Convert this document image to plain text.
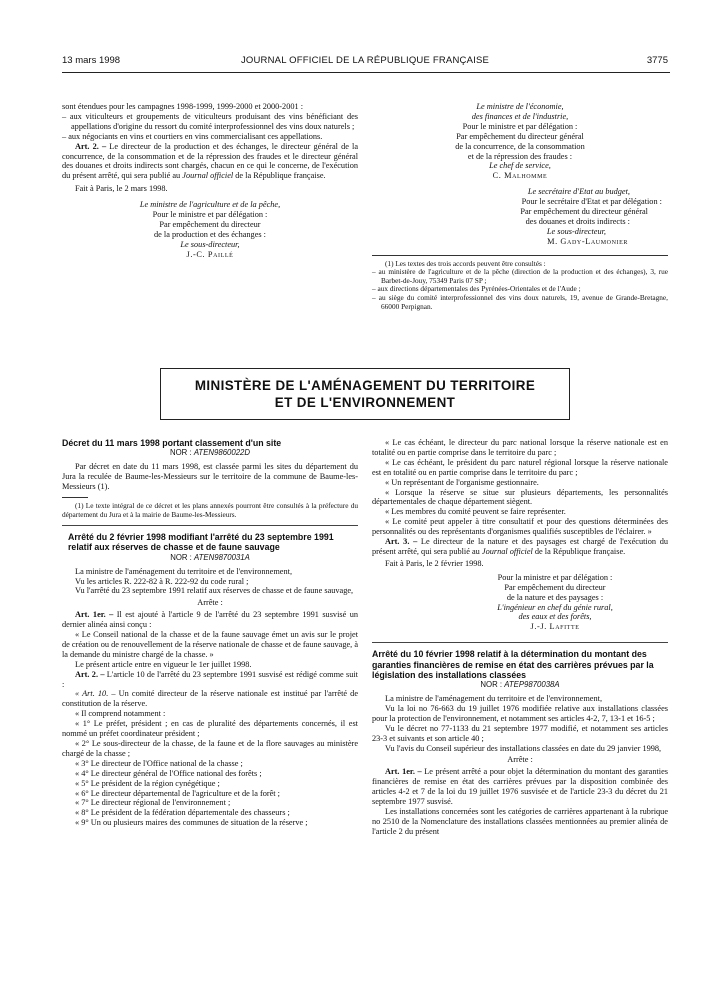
13 mars 1998	JOURNAL OFFICIEL DE LA RÉPUBLIQUE FRANÇAISE	3775

sont étendues pour les campagnes 1998-1999, 1999-2000 et 2000-2001 :

– aux viticulteurs et groupements de viticulteurs produisant des vins bénéficiant des appellations d'origine du ressort du comité interprofessionnel des vins doux naturels ;

– aux négociants en vins et courtiers en vins commercialisant ces appellations.

Art. 2. – Le directeur de la production et des échanges, le directeur général de la concurrence, de la consommation et de la répression des fraudes et le directeur général des douanes et droits indirects sont chargés, chacun en ce qui le concerne, de l'exécution du présent arrêté, qui sera publié au Journal officiel de la République française.

Fait à Paris, le 2 mars 1998.

Le ministre de l'agriculture et de la pêche,

Pour le ministre et par délégation :

Par empêchement du directeur

de la production et des échanges :

Le sous-directeur,

J.-C. Paillé

Le ministre de l'économie,

des finances et de l'industrie,

Pour le ministre et par délégation :

Par empêchement du directeur général

de la concurrence, de la consommation

et de la répression des fraudes :

Le chef de service,

C. Malhomme

Le secrétaire d'Etat au budget,

Pour le secrétaire d'Etat et par délégation :

Par empêchement du directeur général

des douanes et droits indirects :

Le sous-directeur,

M. Gady-Laumonier

(1) Les textes des trois accords peuvent être consultés :

– au ministère de l'agriculture et de la pêche (direction de la production et des échanges), 3, rue Barbet-de-Jouy, 75349 Paris 07 SP ;

– aux directions départementales des Pyrénées-Orientales et de l'Aude ;

– au siège du comité interprofessionnel des vins doux naturels, 19, avenue de Grande-Bretagne, 66000 Perpignan.

MINISTÈRE DE L'AMÉNAGEMENT DU TERRITOIRE
ET DE L'ENVIRONNEMENT

Décret du 11 mars 1998 portant classement d'un site

NOR : ATEN9860022D

Par décret en date du 11 mars 1998, est classée parmi les sites du département du Jura la reculée de Baume-les-Messieurs sur le territoire de la commune de Baume-les-Messieurs (1).

(1) Le texte intégral de ce décret et les plans annexés pourront être consultés à la préfecture du département du Jura et à la mairie de Baume-les-Messieurs.

Arrêté du 2 février 1998 modifiant l'arrêté du 23 septembre 1991 relatif aux réserves de chasse et de faune sauvage

NOR : ATEN9870031A

La ministre de l'aménagement du territoire et de l'environnement,

Vu les articles R. 222-82 à R. 222-92 du code rural ;

Vu l'arrêté du 23 septembre 1991 relatif aux réserves de chasse et de faune sauvage,

Arrête :

Art. 1er. – Il est ajouté à l'article 9 de l'arrêté du 23 septembre 1991 susvisé un dernier alinéa ainsi conçu :

« Le Conseil national de la chasse et de la faune sauvage émet un avis sur le projet de création ou de renouvellement de la réserve nationale de chasse et de faune sauvage, à la demande du ministre chargé de la chasse. »

Le présent article entre en vigueur le 1er juillet 1998.

Art. 2. – L'article 10 de l'arrêté du 23 septembre 1991 susvisé est rédigé comme suit :

« Art. 10. – Un comité directeur de la réserve nationale est institué par l'arrêté de constitution de la réserve.

« Il comprend notamment :

« 1° Le préfet, président ; en cas de pluralité des départements concernés, il est nommé un préfet coordinateur président ;

« 2° Le sous-directeur de la chasse, de la faune et de la flore sauvages au ministère chargé de la chasse ;

« 3° Le directeur de l'Office national de la chasse ;

« 4° Le directeur général de l'Office national des forêts ;

« 5° Le président de la région cynégétique ;

« 6° Le directeur départemental de l'agriculture et de la forêt ;

« 7° Le directeur régional de l'environnement ;

« 8° Le président de la fédération départementale des chasseurs ;

« 9° Un ou plusieurs maires des communes de situation de la réserve ;

« Le cas échéant, le directeur du parc national lorsque la réserve nationale est en totalité ou en partie comprise dans le territoire du parc ;

« Le cas échéant, le président du parc naturel régional lorsque la réserve nationale est en totalité ou en partie comprise dans le territoire du parc ;

« Un représentant de l'organisme gestionnaire.

« Lorsque la réserve se situe sur plusieurs départements, les personnalités départementales de chaque département siègent.

« Les membres du comité peuvent se faire représenter.

« Le comité peut appeler à titre consultatif et pour des questions déterminées des personnalités ou des représentants d'organismes qualifiés susceptibles de l'éclairer. »

Art. 3. – Le directeur de la nature et des paysages est chargé de l'exécution du présent arrêté, qui sera publié au Journal officiel de la République française.

Fait à Paris, le 2 février 1998.

Pour la ministre et par délégation :

Par empêchement du directeur

de la nature et des paysages :

L'ingénieur en chef du génie rural,

des eaux et des forêts,

J.-J. Lafitte

Arrêté du 10 février 1998 relatif à la détermination du montant des garanties financières de remise en état des carrières prévues par la législation des installations classées

NOR : ATEP9870038A

La ministre de l'aménagement du territoire et de l'environnement,

Vu la loi no 76-663 du 19 juillet 1976 modifiée relative aux installations classées pour la protection de l'environnement, et notamment ses articles 4-2, 7, 13-1 et 16-5 ;

Vu le décret no 77-1133 du 21 septembre 1977 modifié, et notamment ses articles 23-3 et suivants et son article 40 ;

Vu l'avis du Conseil supérieur des installations classées en date du 29 janvier 1998,

Arrête :

Art. 1er. – Le présent arrêté a pour objet la détermination du montant des garanties financières de remise en état des carrières prévues par la disposition combinée des articles 4-2 et 7 de la loi du 19 juillet 1976 susvisée et de l'article 23-3 du décret du 21 septembre 1977 susvisé.

Les installations concernées sont les catégories de carrières appartenant à la rubrique no 2510 de la Nomenclature des installations classées mentionnées au premier alinéa de l'article 2 du présent
